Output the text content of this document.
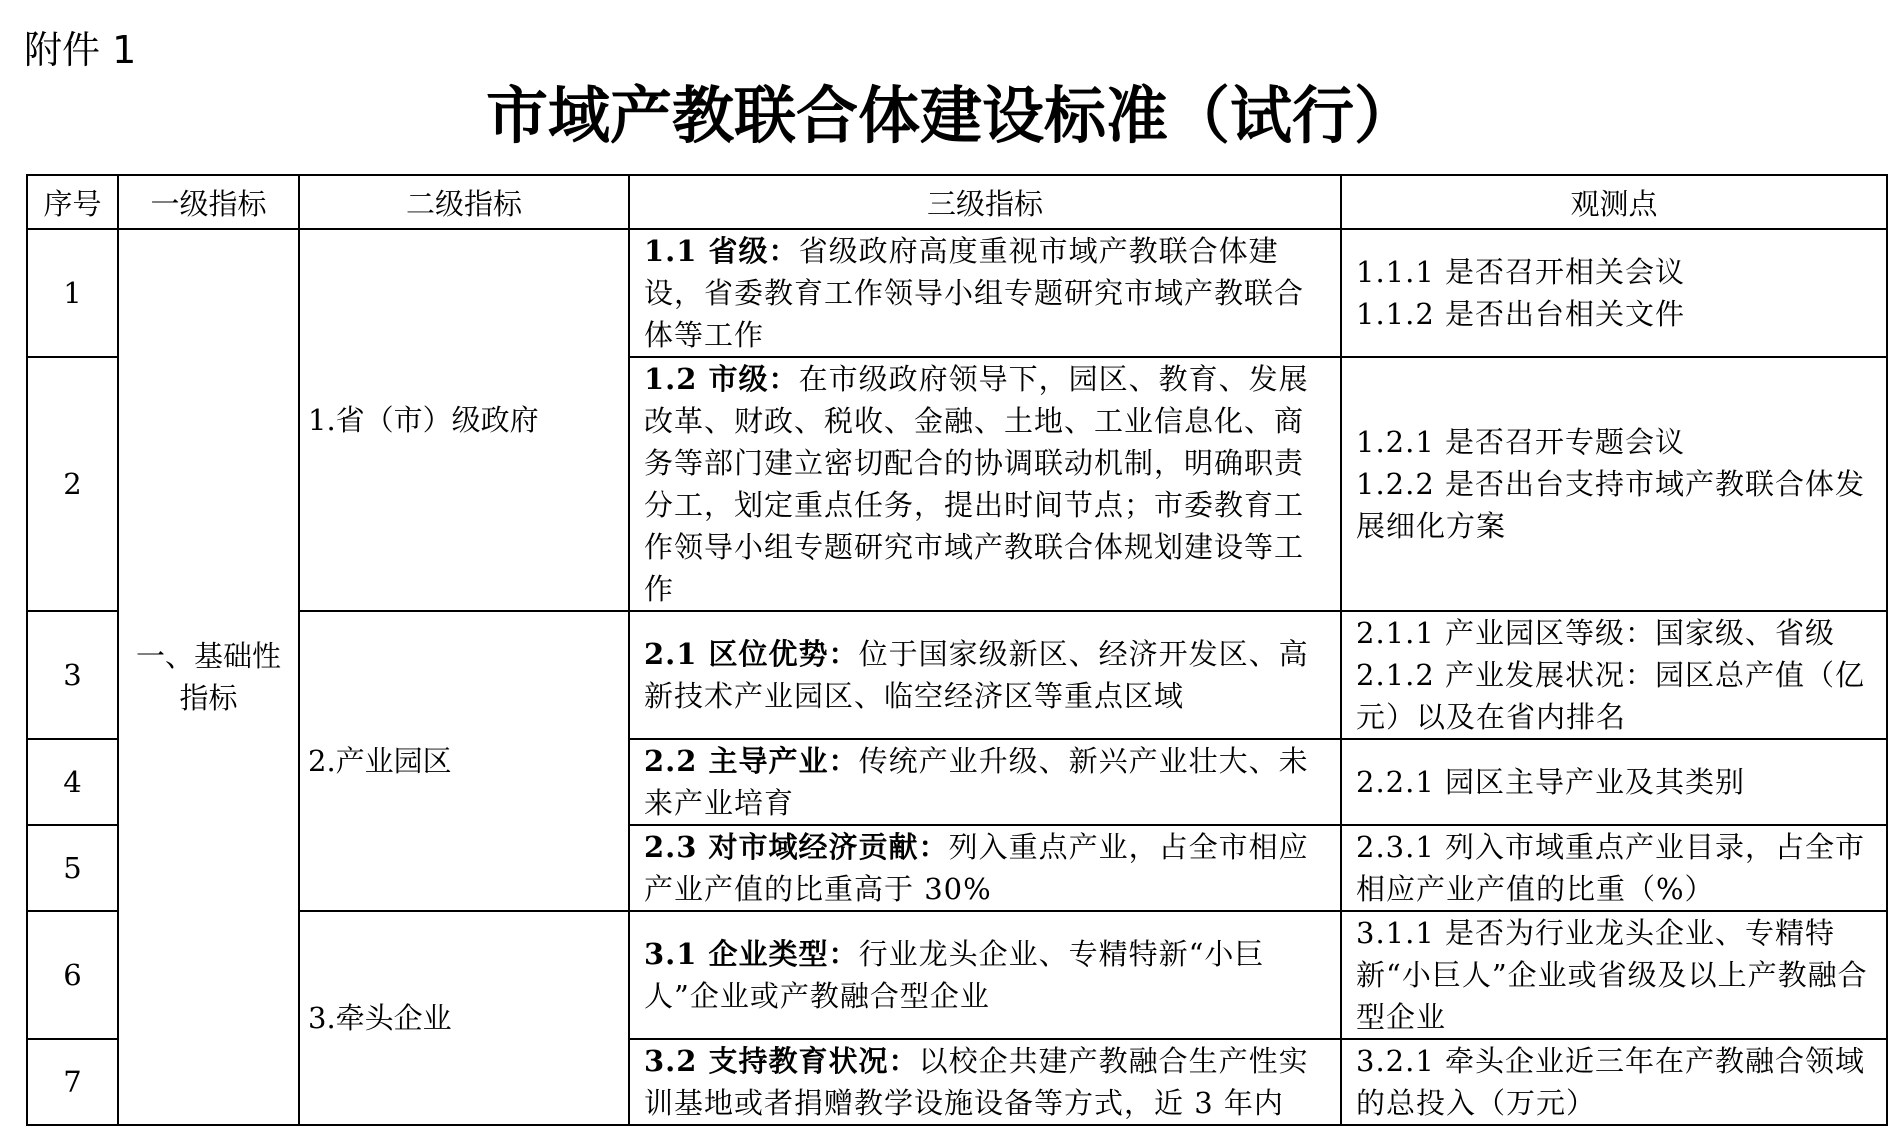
附件 1
市域产教联合体建设标准（试行）
序号	一级指标	二级指标	三级指标	观测点
1	一、基础性指标	1.省（市）级政府	1.1 省级：省级政府高度重视市域产教联合体建设，省委教育工作领导小组专题研究市域产教联合体等工作	1.1.1 是否召开相关会议
1.1.2 是否出台相关文件

2			1.2 市级：在市级政府领导下，园区、教育、发展改革、财政、税收、金融、土地、工业信息化、商务等部门建立密切配合的协调联动机制，明确职责分工，划定重点任务，提出时间节点；市委教育工作领导小组专题研究市域产教联合体规划建设等工作	1.2.1 是否召开专题会议
1.2.2 是否出台支持市域产教联合体发展细化方案

3		2.产业园区	2.1 区位优势：位于国家级新区、经济开发区、高新技术产业园区、临空经济区等重点区域	2.1.1 产业园区等级：国家级、省级
2.1.2 产业发展状况：园区总产值（亿元）以及在省内排名

4			2.2 主导产业：传统产业升级、新兴产业壮大、未来产业培育	2.2.1 园区主导产业及其类别

5			2.3 对市域经济贡献：列入重点产业，占全市相应产业产值的比重高于 30%	2.3.1 列入市域重点产业目录，占全市相应产业产值的比重（%）

6		3.牵头企业	3.1 企业类型：行业龙头企业、专精特新“小巨人”企业或产教融合型企业	3.1.1 是否为行业龙头企业、专精特新“小巨人”企业或省级及以上产教融合型企业

7			3.2 支持教育状况：以校企共建产教融合生产性实训基地或者捐赠教学设施设备等方式，近 3 年内	3.2.1 牵头企业近三年在产教融合领域的总投入（万元）
